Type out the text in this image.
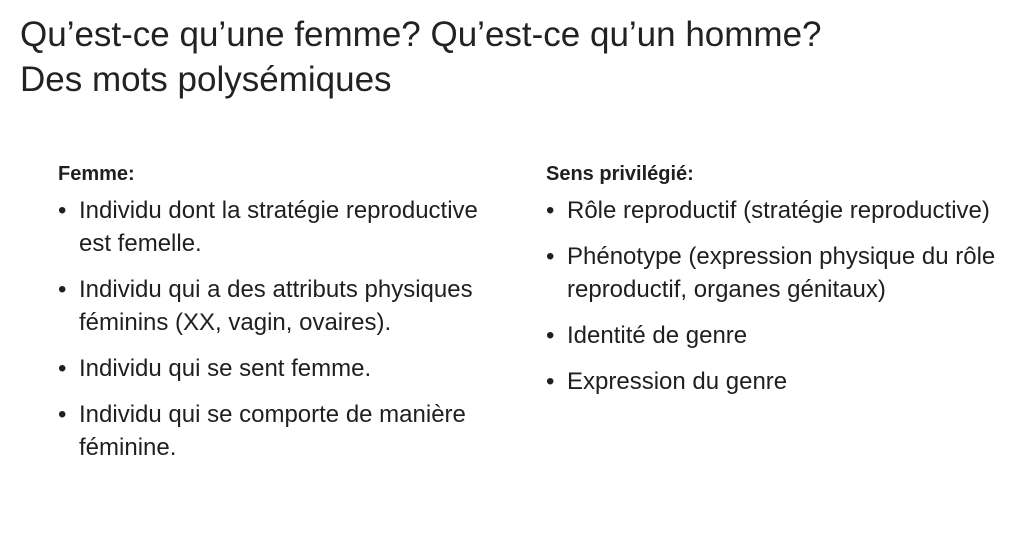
Qu’est-ce qu’une femme? Qu’est-ce qu’un homme?
Des mots polysémiques
Femme:
• Individu dont la stratégie reproductive est femelle.
• Individu qui a des attributs physiques féminins (XX, vagin, ovaires).
• Individu qui se sent femme.
• Individu qui se comporte de manière féminine.
Sens privilégié:
• Rôle reproductif (stratégie reproductive)
• Phénotype (expression physique du rôle reproductif, organes génitaux)
• Identité de genre
• Expression du genre
